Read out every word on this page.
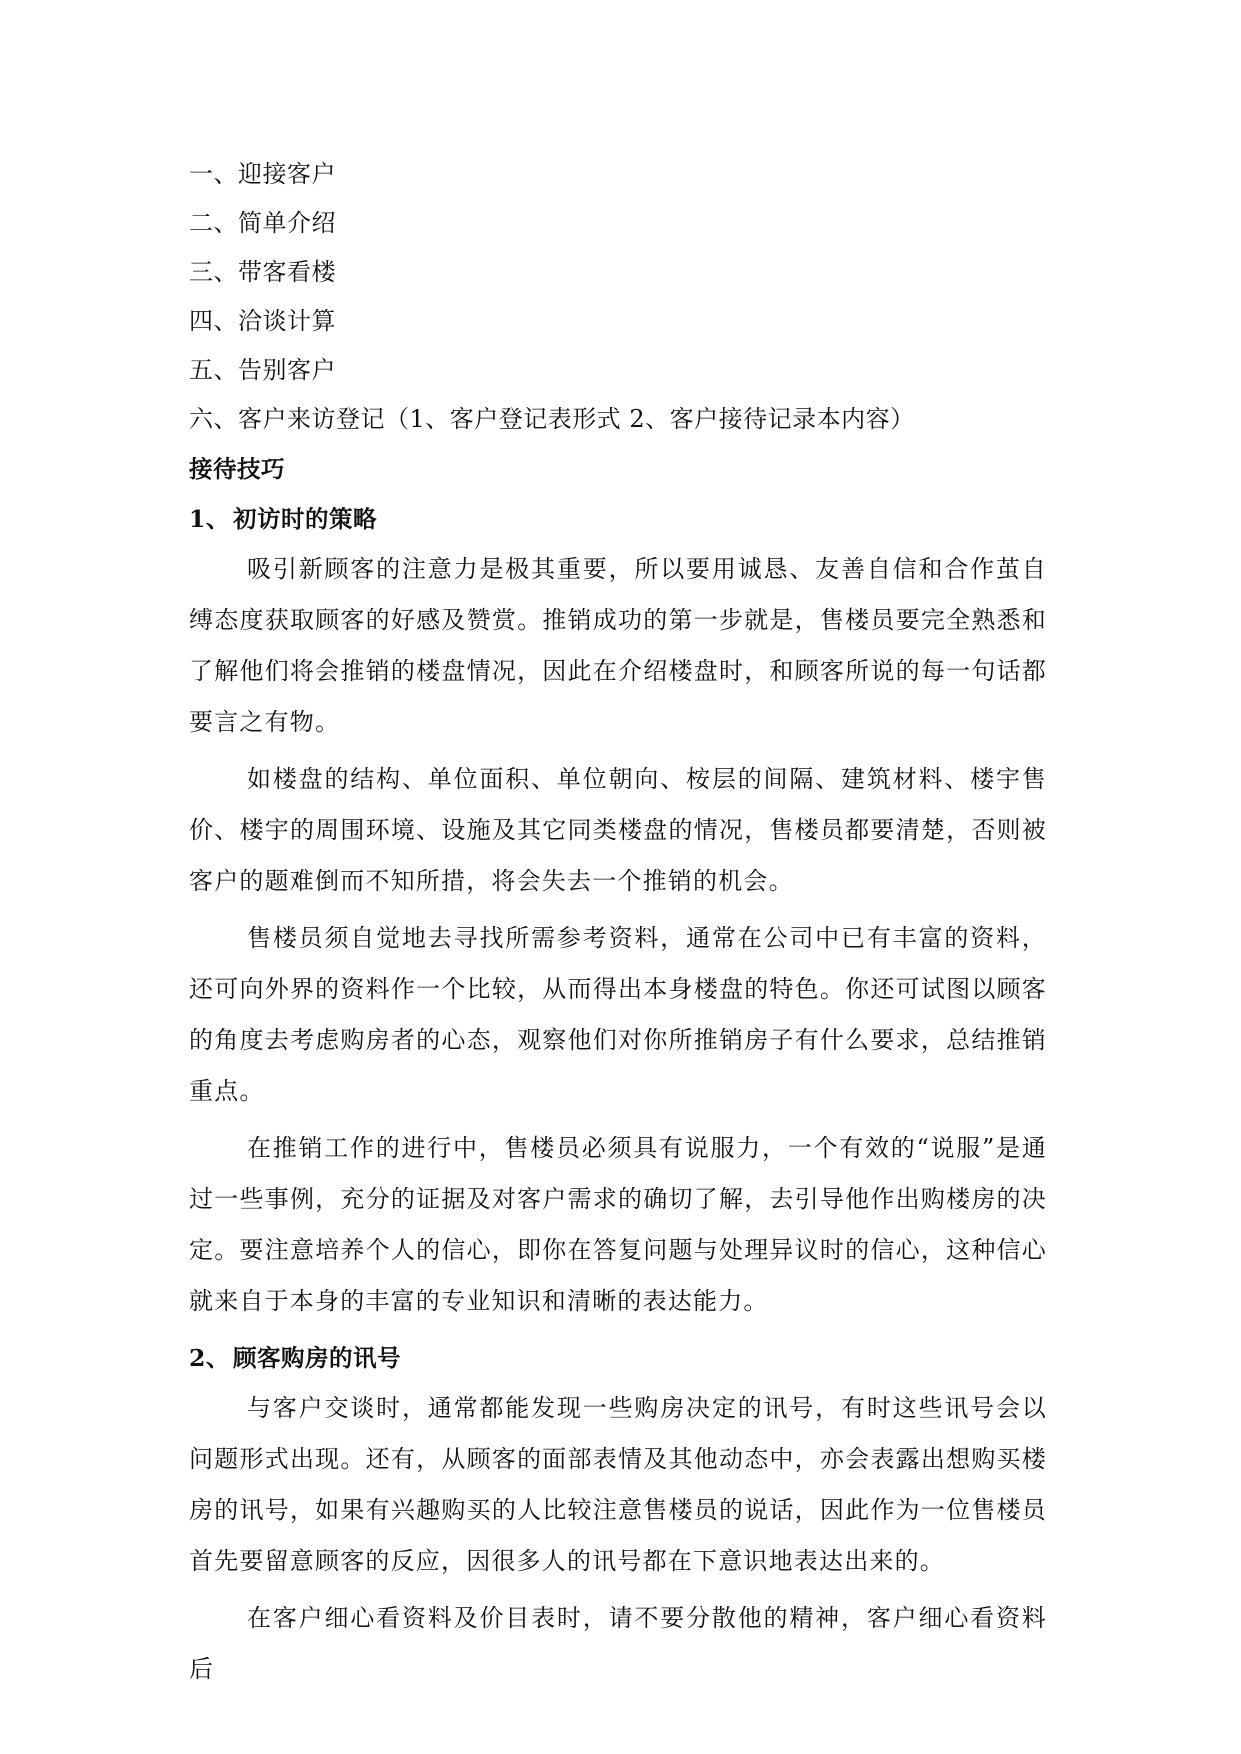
一、迎接客户
二、简单介绍
三、带客看楼
四、洽谈计算
五、告别客户
六、客户来访登记（1、客户登记表形式 2、客户接待记录本内容）
接待技巧
1、 初访时的策略

吸引新顾客的注意力是极其重要，所以要用诚恳、友善自信和合作茧自缚态度获取顾客的好感及赞赏。推销成功的第一步就是，售楼员要完全熟悉和了解他们将会推销的楼盘情况，因此在介绍楼盘时，和顾客所说的每一句话都要言之有物。

如楼盘的结构、单位面积、单位朝向、桉层的间隔、建筑材料、楼宇售价、楼宇的周围环境、设施及其它同类楼盘的情况，售楼员都要清楚，否则被客户的题难倒而不知所措，将会失去一个推销的机会。

售楼员须自觉地去寻找所需参考资料，通常在公司中已有丰富的资料，还可向外界的资料作一个比较，从而得出本身楼盘的特色。你还可试图以顾客的角度去考虑购房者的心态，观察他们对你所推销房子有什么要求，总结推销重点。

在推销工作的进行中，售楼员必须具有说服力，一个有效的“说服”是通过一些事例，充分的证据及对客户需求的确切了解，去引导他作出购楼房的决定。要注意培养个人的信心，即你在答复问题与处理异议时的信心，这种信心就来自于本身的丰富的专业知识和清晰的表达能力。

2、 顾客购房的讯号

与客户交谈时，通常都能发现一些购房决定的讯号，有时这些讯号会以问题形式出现。还有，从顾客的面部表情及其他动态中，亦会表露出想购买楼房的讯号，如果有兴趣购买的人比较注意售楼员的说话，因此作为一位售楼员首先要留意顾客的反应，因很多人的讯号都在下意识地表达出来的。

在客户细心看资料及价目表时，请不要分散他的精神，客户细心看资料后
